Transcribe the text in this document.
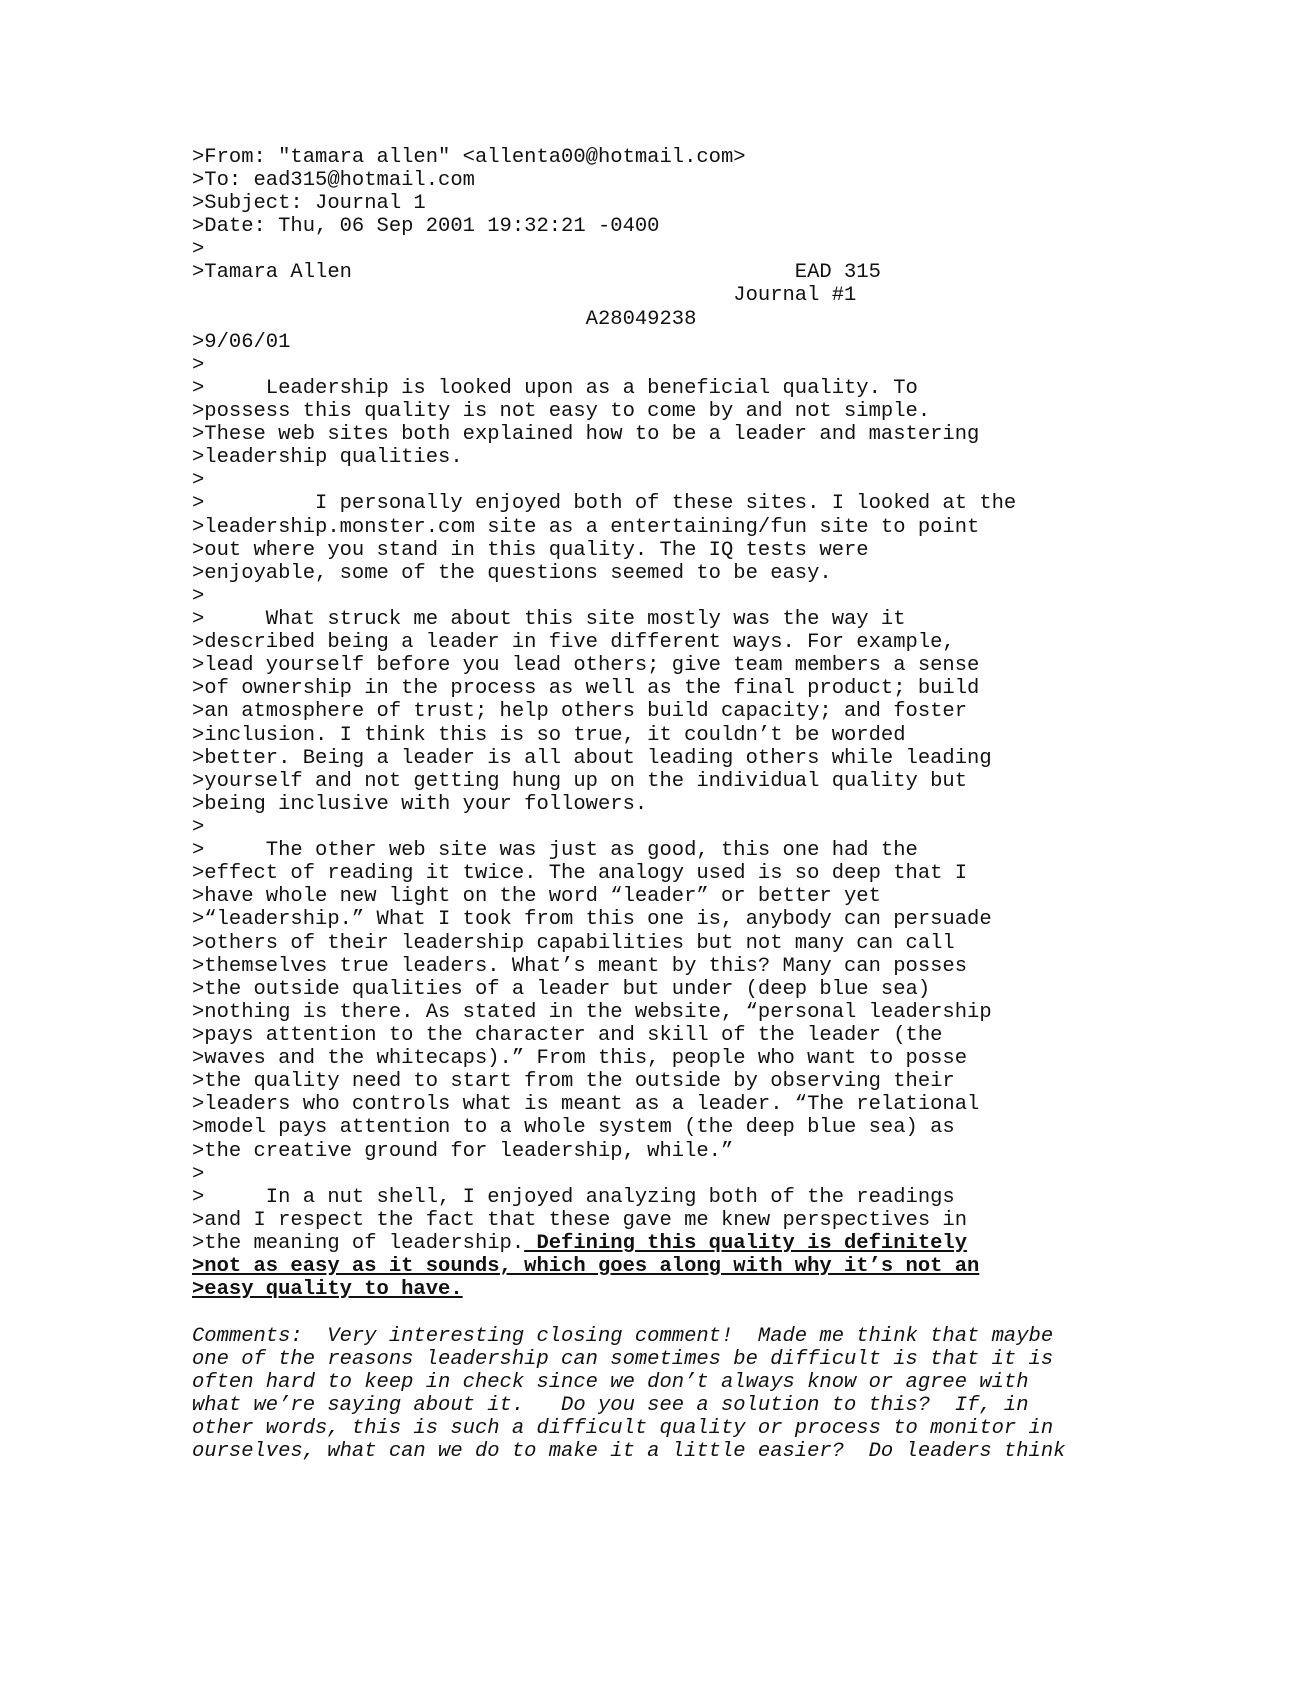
>From: "tamara allen" <allenta00@hotmail.com>

>To: ead315@hotmail.com

>Subject: Journal 1

>Date: Thu, 06 Sep 2001 19:32:21 -0400

>

>Tamara Allen                                    EAD 315

Journal #1

A28049238

>9/06/01

>

>     Leadership is looked upon as a beneficial quality. To

>possess this quality is not easy to come by and not simple.

>These web sites both explained how to be a leader and mastering

>leadership qualities.

>

>         I personally enjoyed both of these sites. I looked at the

>leadership.monster.com site as a entertaining/fun site to point

>out where you stand in this quality. The IQ tests were

>enjoyable, some of the questions seemed to be easy.

>

>     What struck me about this site mostly was the way it

>described being a leader in five different ways. For example,

>lead yourself before you lead others; give team members a sense

>of ownership in the process as well as the final product; build

>an atmosphere of trust; help others build capacity; and foster

>inclusion. I think this is so true, it couldn’t be worded

>better. Being a leader is all about leading others while leading

>yourself and not getting hung up on the individual quality but

>being inclusive with your followers.

>

>     The other web site was just as good, this one had the

>effect of reading it twice. The analogy used is so deep that I

>have whole new light on the word “leader” or better yet

>“leadership.” What I took from this one is, anybody can persuade

>others of their leadership capabilities but not many can call

>themselves true leaders. What’s meant by this? Many can posses

>the outside qualities of a leader but under (deep blue sea)

>nothing is there. As stated in the website, “personal leadership

>pays attention to the character and skill of the leader (the

>waves and the whitecaps).” From this, people who want to posse

>the quality need to start from the outside by observing their

>leaders who controls what is meant as a leader. “The relational

>model pays attention to a whole system (the deep blue sea) as

>the creative ground for leadership, while.”

>

>     In a nut shell, I enjoyed analyzing both of the readings

>and I respect the fact that these gave me knew perspectives in

>the meaning of leadership. Defining this quality is definitely

>not as easy as it sounds, which goes along with why it’s not an

>easy quality to have.

Comments:  Very interesting closing comment!  Made me think that maybe

one of the reasons leadership can sometimes be difficult is that it is

often hard to keep in check since we don’t always know or agree with

what we’re saying about it.   Do you see a solution to this?  If, in

other words, this is such a difficult quality or process to monitor in

ourselves, what can we do to make it a little easier?  Do leaders think
